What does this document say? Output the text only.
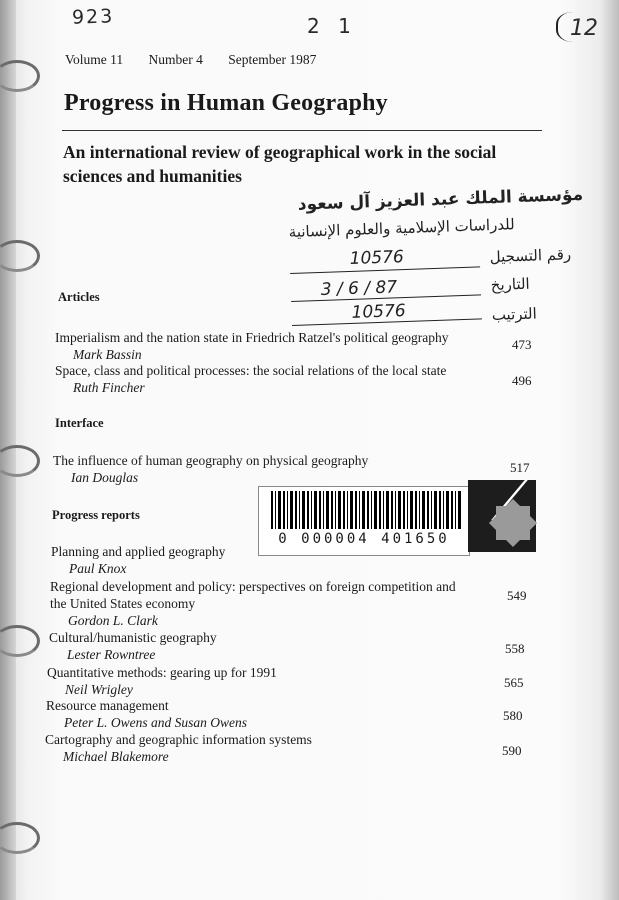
923	2 1	12
Volume 11 Number 4 September 1987
Progress in Human Geography
An international review of geographical work in the social sciences and humanities
مؤسسة الملك عبد العزيز آل سعود
للدراسات الإسلامية والعلوم الإنسانية
10576	رقم التسجيل
3 / 6 / 87	التاريخ
10576	الترتيب
Articles
Imperialism and the nation state in Friedrich Ratzel's political geography
Mark Bassin
473
Space, class and political processes: the social relations of the local state
Ruth Fincher	496
Interface
The influence of human geography on physical geography
Ian Douglas
517
Progress reports
Planning and applied geography
Paul Knox
Regional development and policy: perspectives on foreign competition and the United States economy
Gordon L. Clark
549
Cultural/humanistic geography
Lester Rowntree	558
Quantitative methods: gearing up for 1991
Neil Wrigley	565
Resource management
Peter L. Owens and Susan Owens	580
Cartography and geographic information systems
Michael Blakemore	590
0 000004 401650
